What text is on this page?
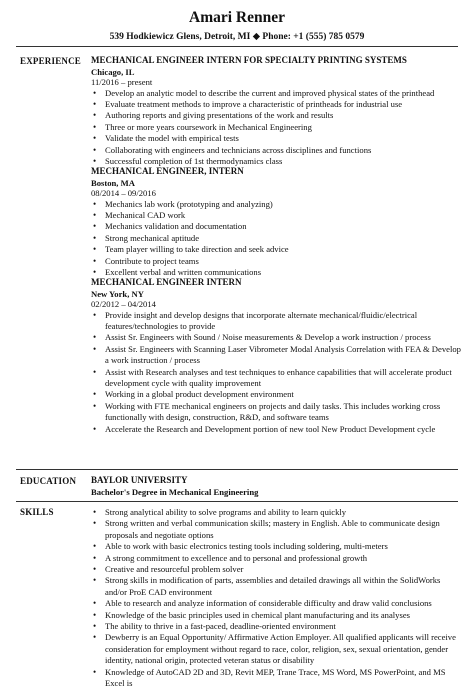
Amari Renner
539 Hodkiewicz Glens, Detroit, MI ◆ Phone: +1 (555) 785 0579
EXPERIENCE MECHANICAL ENGINEER INTERN FOR SPECIALTY PRINTING SYSTEMS
Chicago, IL
11/2016 – present
• Develop an analytic model to describe the current and improved physical states of the printhead
• Evaluate treatment methods to improve a characteristic of printheads for industrial use
• Authoring reports and giving presentations of the work and results
• Three or more years coursework in Mechanical Engineering
• Validate the model with empirical tests
• Collaborating with engineers and technicians across disciplines and functions
• Successful completion of 1st thermodynamics class
MECHANICAL ENGINEER, INTERN
Boston, MA
08/2014 – 09/2016
• Mechanics lab work (prototyping and analyzing)
• Mechanical CAD work
• Mechanics validation and documentation
• Strong mechanical aptitude
• Team player willing to take direction and seek advice
• Contribute to project teams
• Excellent verbal and written communications
MECHANICAL ENGINEER INTERN
New York, NY
02/2012 – 04/2014
• Provide insight and develop designs that incorporate alternate mechanical/fluidic/electrical features/technologies to provide
• Assist Sr. Engineers with Sound / Noise measurements & Develop a work instruction / process
• Assist Sr. Engineers with Scanning Laser Vibrometer Modal Analysis Correlation with FEA & Develop a work instruction / process
• Assist with Research analyses and test techniques to enhance capabilities that will accelerate product development cycle with quality improvement
• Working in a global product development environment
• Working with FTE mechanical engineers on projects and daily tasks. This includes working cross functionally with design, construction, R&D, and software teams
• Accelerate the Research and Development portion of new tool New Product Development cycle
EDUCATION BAYLOR UNIVERSITY
Bachelor's Degree in Mechanical Engineering
SKILLS
•	Strong analytical ability to solve programs and ability to learn quickly
• Strong written and verbal communication skills; mastery in English. Able to communicate design proposals and negotiate options
• Able to work with basic electronics testing tools including soldering, multi-meters
• A strong commitment to excellence and to personal and professional growth
• Creative and resourceful problem solver
• Strong skills in modification of parts, assemblies and detailed drawings all within the SolidWorks and/or ProE CAD environment
• Able to research and analyze information of considerable difficulty and draw valid conclusions
• Knowledge of the basic principles used in chemical plant manufacturing and its analyses
• The ability to thrive in a fast-paced, deadline-oriented environment
• Dewberry is an Equal Opportunity/ Affirmative Action Employer. All qualified applicants will receive consideration for employment without regard to race, color, religion, sex, sexual orientation, gender identity, national origin, protected veteran status or disability
• Knowledge of AutoCAD 2D and 3D, Revit MEP, Trane Trace, MS Word, MS PowerPoint, and MS Excel is
